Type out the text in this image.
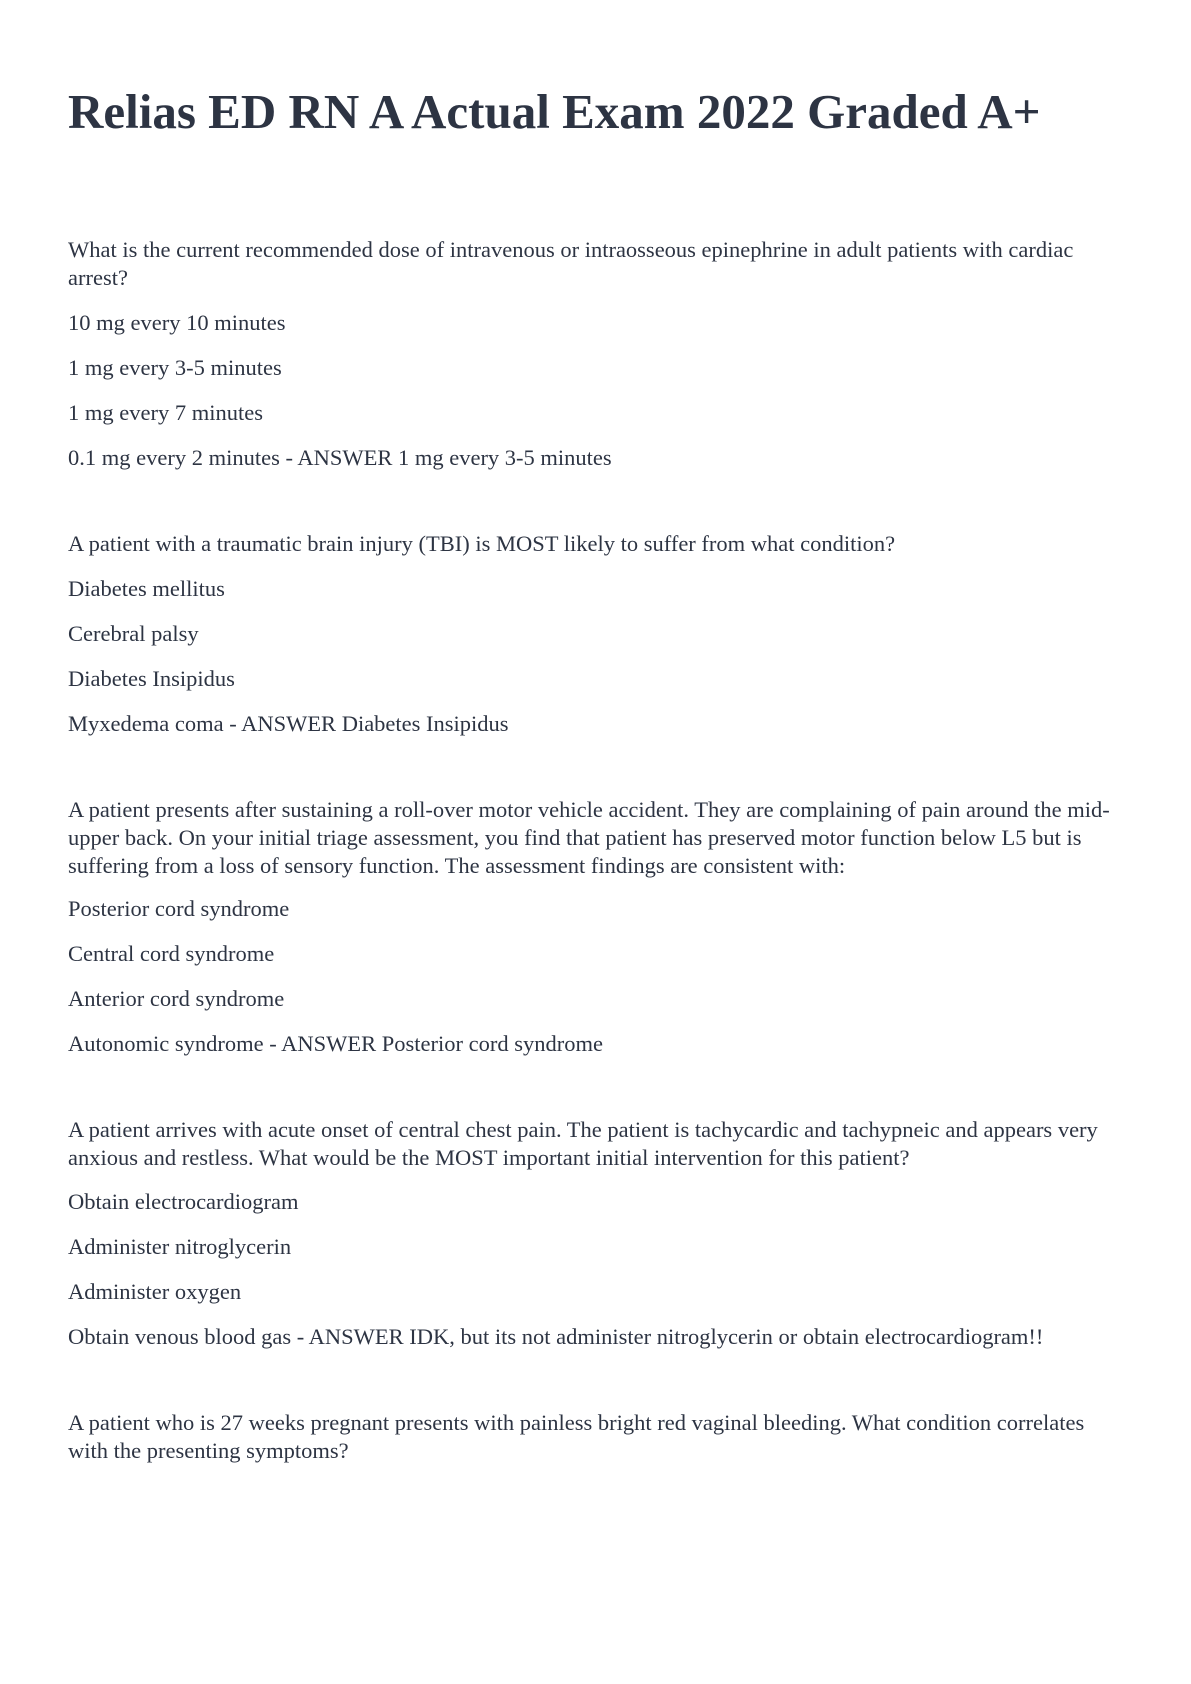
Relias ED RN A Actual Exam 2022 Graded A+

What is the current recommended dose of intravenous or intraosseous epinephrine in adult patients with cardiac arrest?

10 mg every 10 minutes

1 mg every 3-5 minutes

1 mg every 7 minutes

0.1 mg every 2 minutes - ANSWER 1 mg every 3-5 minutes

A patient with a traumatic brain injury (TBI) is MOST likely to suffer from what condition?

Diabetes mellitus

Cerebral palsy

Diabetes Insipidus

Myxedema coma - ANSWER Diabetes Insipidus

A patient presents after sustaining a roll-over motor vehicle accident. They are complaining of pain around the mid-upper back. On your initial triage assessment, you find that patient has preserved motor function below L5 but is suffering from a loss of sensory function. The assessment findings are consistent with:

Posterior cord syndrome

Central cord syndrome

Anterior cord syndrome

Autonomic syndrome - ANSWER Posterior cord syndrome

A patient arrives with acute onset of central chest pain. The patient is tachycardic and tachypneic and appears very anxious and restless. What would be the MOST important initial intervention for this patient?

Obtain electrocardiogram

Administer nitroglycerin

Administer oxygen

Obtain venous blood gas - ANSWER IDK, but its not administer nitroglycerin or obtain electrocardiogram!!

A patient who is 27 weeks pregnant presents with painless bright red vaginal bleeding. What condition correlates with the presenting symptoms?
